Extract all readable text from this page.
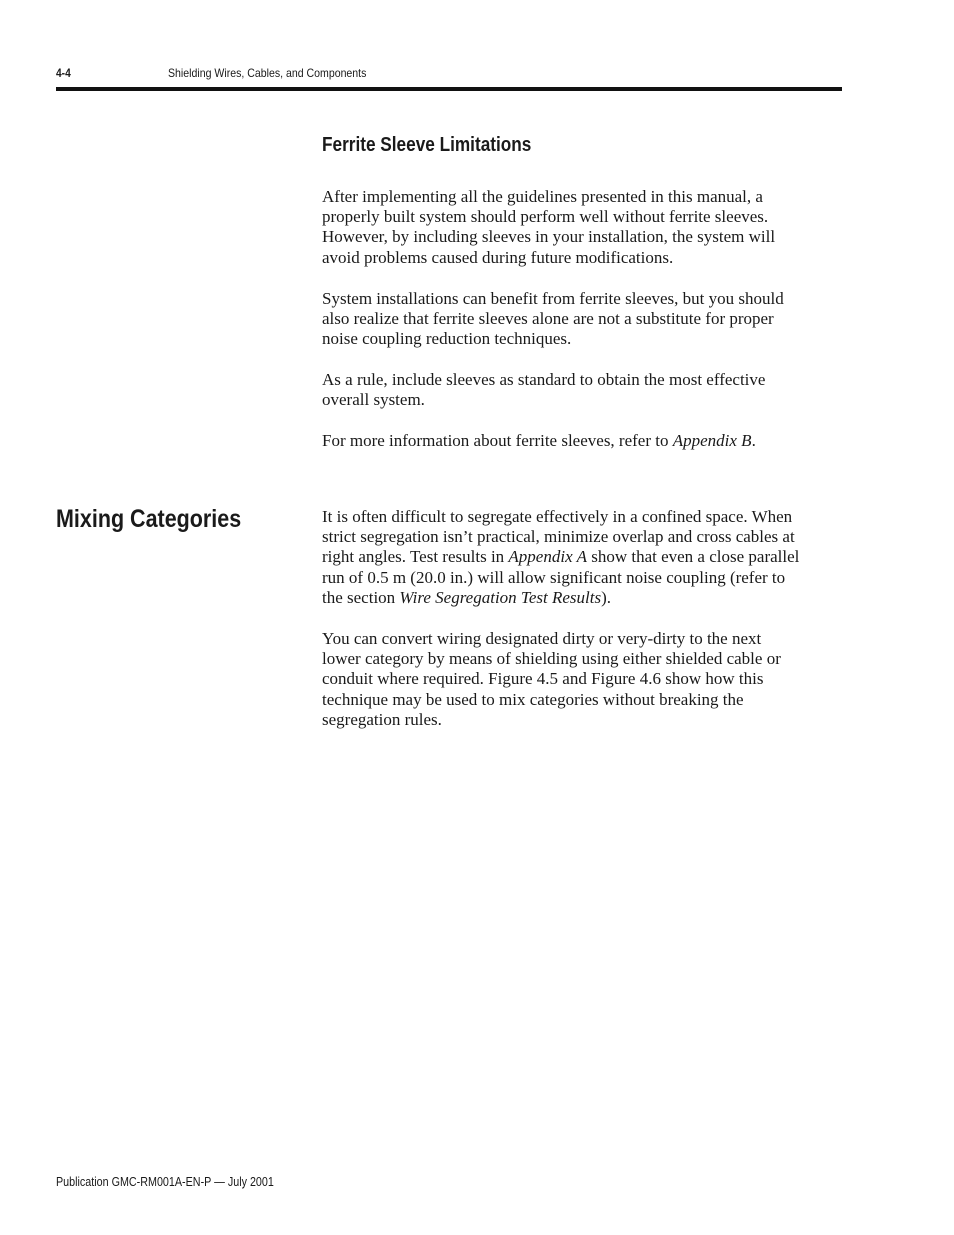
4-4	Shielding Wires, Cables, and Components
Ferrite Sleeve Limitations

After implementing all the guidelines presented in this manual, a
properly built system should perform well without ferrite sleeves.
However, by including sleeves in your installation, the system will
avoid problems caused during future modifications.

System installations can benefit from ferrite sleeves, but you should
also realize that ferrite sleeves alone are not a substitute for proper
noise coupling reduction techniques.

As a rule, include sleeves as standard to obtain the most effective
overall system.

For more information about ferrite sleeves, refer to Appendix B.

Mixing Categories	It is often difficult to segregate effectively in a confined space. When
strict segregation isn’t practical, minimize overlap and cross cables at
right angles. Test results in Appendix A show that even a close parallel
run of 0.5 m (20.0 in.) will allow significant noise coupling (refer to
the section Wire Segregation Test Results).

You can convert wiring designated dirty or very-dirty to the next
lower category by means of shielding using either shielded cable or
conduit where required. Figure 4.5 and Figure 4.6 show how this
technique may be used to mix categories without breaking the
segregation rules.

Publication GMC-RM001A-EN-P — July 2001
